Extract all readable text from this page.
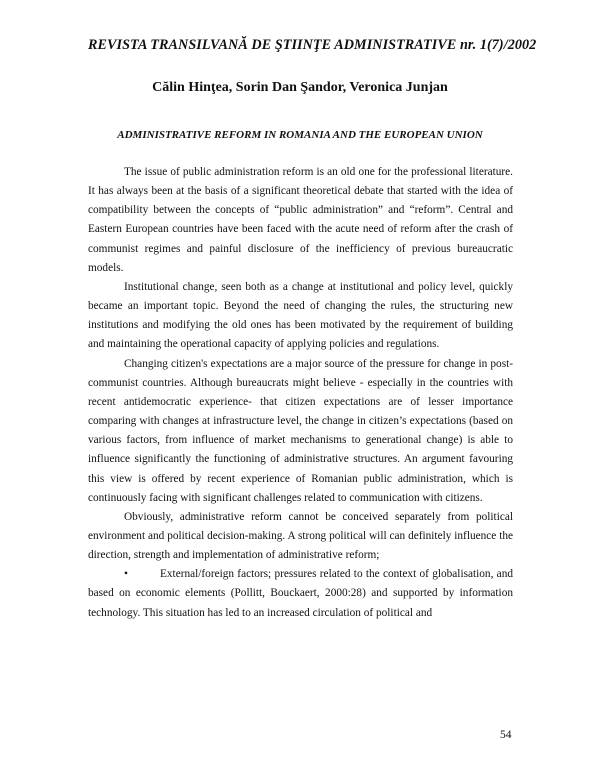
REVISTA TRANSILVANĂ DE ŞTIINŢE ADMINISTRATIVE nr. 1(7)/2002
Călin Hinţea, Sorin Dan Şandor, Veronica Junjan
ADMINISTRATIVE REFORM IN ROMANIA AND THE EUROPEAN UNION

The issue of public administration reform is an old one for the professional literature. It has always been at the basis of a significant theoretical debate that started with the idea of compatibility between the concepts of “public administration” and “reform”. Central and Eastern European countries have been faced with the acute need of reform after the crash of communist regimes and painful disclosure of the inefficiency of previous bureaucratic models.

Institutional change, seen both as a change at institutional and policy level, quickly became an important topic. Beyond the need of changing the rules, the structuring new institutions and modifying the old ones has been motivated by the requirement of building and maintaining the operational capacity of applying policies and regulations.

Changing citizen's expectations are a major source of the pressure for change in post-communist countries. Although bureaucrats might believe - especially in the countries with recent antidemocratic experience- that citizen expectations are of lesser importance comparing with changes at infrastructure level, the change in citizen’s expectations (based on various factors, from influence of market mechanisms to generational change) is able to influence significantly the functioning of administrative structures. An argument favouring this view is offered by recent experience of Romanian public administration, which is continuously facing with significant challenges related to communication with citizens.

Obviously, administrative reform cannot be conceived separately from political environment and political decision-making. A strong political will can definitely influence the direction, strength and implementation of administrative reform;

•	External/foreign factors; pressures related to the context of globalisation, and based on economic elements (Pollitt, Bouckaert, 2000:28) and supported by information technology. This situation has led to an increased circulation of political and

54
